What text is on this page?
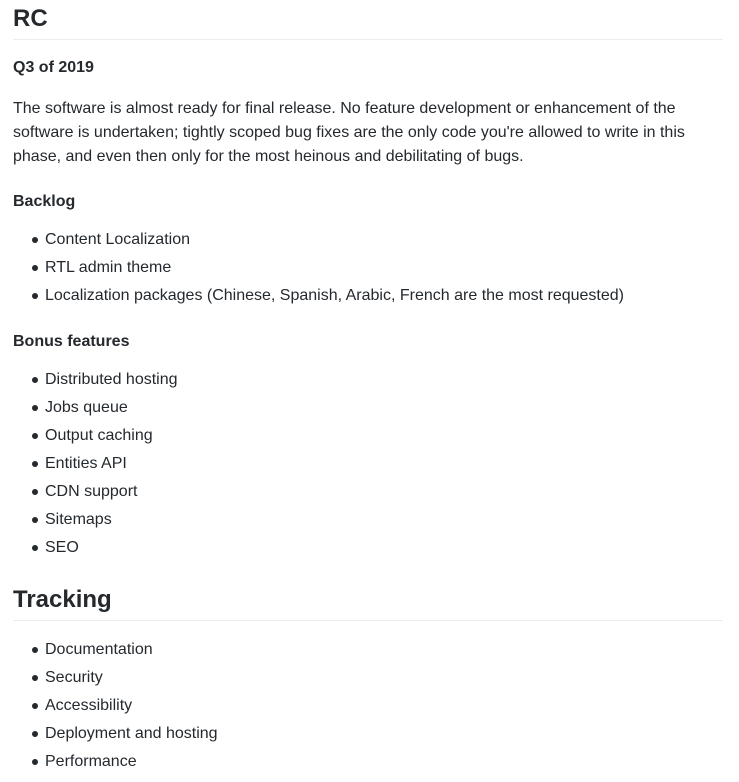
RC
Q3 of 2019

The software is almost ready for final release. No feature development or enhancement of the software is undertaken; tightly scoped bug fixes are the only code you're allowed to write in this phase, and even then only for the most heinous and debilitating of bugs.

Backlog
Content Localization
RTL admin theme
Localization packages (Chinese, Spanish, Arabic, French are the most requested)
Bonus features
Distributed hosting
Jobs queue
Output caching
Entities API
CDN support
Sitemaps
SEO
Tracking
Documentation
Security
Accessibility
Deployment and hosting
Performance
